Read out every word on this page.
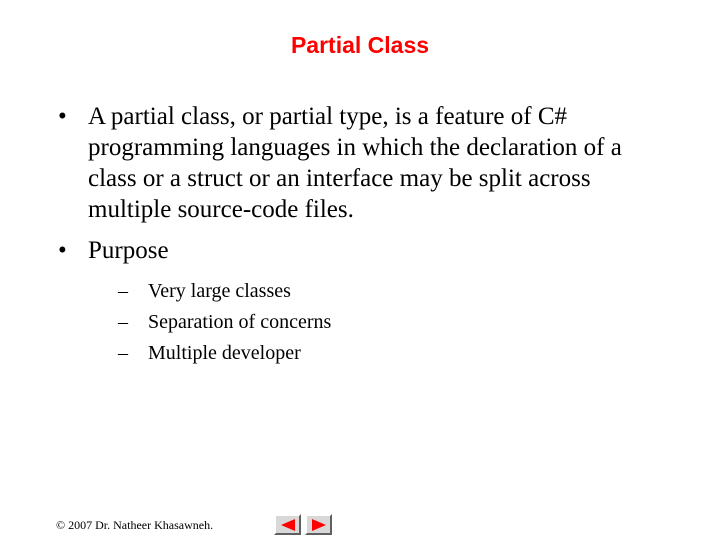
Partial Class
• A partial class, or partial type, is a feature of C# programming languages in which the declaration of a class or a struct or an interface may be split across multiple source-code files.
• Purpose
–	Very large classes
–	Separation of concerns
–	Multiple developer
© 2007 Dr. Natheer Khasawneh.
